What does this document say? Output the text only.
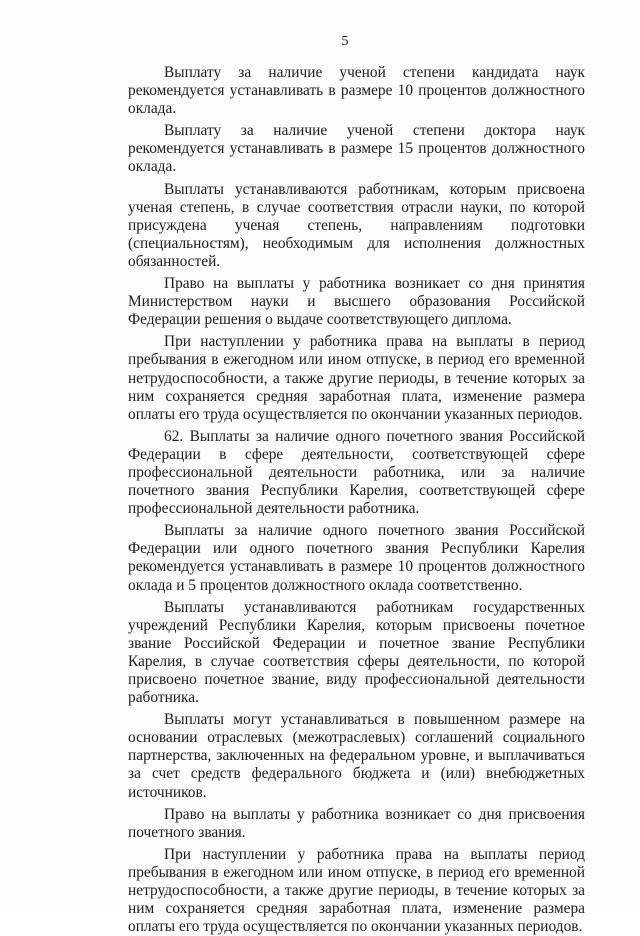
5

Выплату за наличие ученой степени кандидата наук рекомендуется устанавливать в размере 10 процентов должностного оклада.

Выплату за наличие ученой степени доктора наук рекомендуется устанавливать в размере 15 процентов должностного оклада.

Выплаты устанавливаются работникам, которым присвоена ученая степень, в случае соответствия отрасли науки, по которой присуждена ученая степень, направлениям подготовки (специальностям), необходимым для исполнения должностных обязанностей.

Право на выплаты у работника возникает со дня принятия Министерством науки и высшего образования Российской Федерации решения о выдаче соответствующего диплома.

При наступлении у работника права на выплаты в период пребывания в ежегодном или ином отпуске, в период его временной нетрудоспособности, а также другие периоды, в течение которых за ним сохраняется средняя заработная плата, изменение размера оплаты его труда осуществляется по окончании указанных периодов.

62. Выплаты за наличие одного почетного звания Российской Федерации в сфере деятельности, соответствующей сфере профессиональной деятельности работника, или за наличие почетного звания Республики Карелия, соответствующей сфере профессиональной деятельности работника.

Выплаты за наличие одного почетного звания Российской Федерации или одного почетного звания Республики Карелия рекомендуется устанавливать в размере 10 процентов должностного оклада и 5 процентов должностного оклада соответственно.

Выплаты устанавливаются работникам государственных учреждений Республики Карелия, которым присвоены почетное звание Российской Федерации и почетное звание Республики Карелия, в случае соответствия сферы деятельности, по которой присвоено почетное звание, виду профессиональной деятельности работника.

Выплаты могут устанавливаться в повышенном размере на основании отраслевых (межотраслевых) соглашений социального партнерства, заключенных на федеральном уровне, и выплачиваться за счет средств федерального бюджета и (или) внебюджетных источников.

Право на выплаты у работника возникает со дня присвоения почетного звания.

При наступлении у работника права на выплаты период пребывания в ежегодном или ином отпуске, в период его временной нетрудоспособности, а также другие периоды, в течение которых за ним сохраняется средняя заработная плата, изменение размера оплаты его труда осуществляется по окончании указанных периодов.
